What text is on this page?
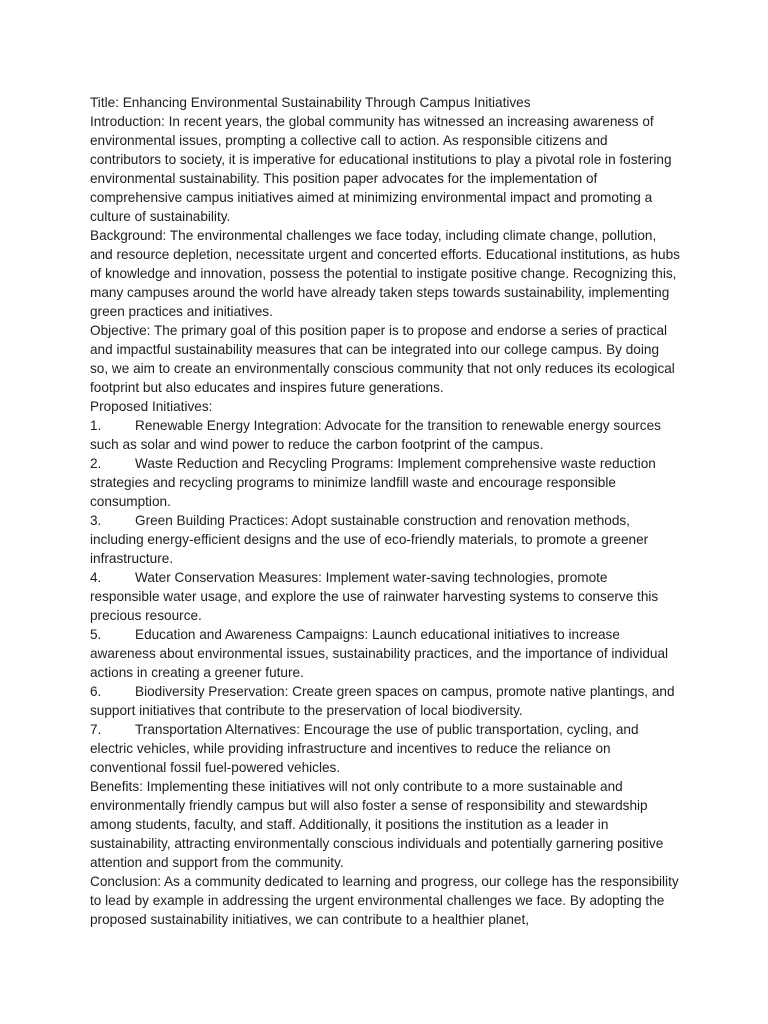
Title: Enhancing Environmental Sustainability Through Campus Initiatives

Introduction: In recent years, the global community has witnessed an increasing awareness of environmental issues, prompting a collective call to action. As responsible citizens and contributors to society, it is imperative for educational institutions to play a pivotal role in fostering environmental sustainability. This position paper advocates for the implementation of comprehensive campus initiatives aimed at minimizing environmental impact and promoting a culture of sustainability.

Background: The environmental challenges we face today, including climate change, pollution, and resource depletion, necessitate urgent and concerted efforts. Educational institutions, as hubs of knowledge and innovation, possess the potential to instigate positive change. Recognizing this, many campuses around the world have already taken steps towards sustainability, implementing green practices and initiatives.

Objective: The primary goal of this position paper is to propose and endorse a series of practical and impactful sustainability measures that can be integrated into our college campus. By doing so, we aim to create an environmentally conscious community that not only reduces its ecological footprint but also educates and inspires future generations.

Proposed Initiatives:

1. Renewable Energy Integration: Advocate for the transition to renewable energy sources such as solar and wind power to reduce the carbon footprint of the campus.

2. Waste Reduction and Recycling Programs: Implement comprehensive waste reduction strategies and recycling programs to minimize landfill waste and encourage responsible consumption.

3. Green Building Practices: Adopt sustainable construction and renovation methods, including energy-efficient designs and the use of eco-friendly materials, to promote a greener infrastructure.

4. Water Conservation Measures: Implement water-saving technologies, promote responsible water usage, and explore the use of rainwater harvesting systems to conserve this precious resource.

5. Education and Awareness Campaigns: Launch educational initiatives to increase awareness about environmental issues, sustainability practices, and the importance of individual actions in creating a greener future.

6. Biodiversity Preservation: Create green spaces on campus, promote native plantings, and support initiatives that contribute to the preservation of local biodiversity.

7. Transportation Alternatives: Encourage the use of public transportation, cycling, and electric vehicles, while providing infrastructure and incentives to reduce the reliance on conventional fossil fuel-powered vehicles.

Benefits: Implementing these initiatives will not only contribute to a more sustainable and environmentally friendly campus but will also foster a sense of responsibility and stewardship among students, faculty, and staff. Additionally, it positions the institution as a leader in sustainability, attracting environmentally conscious individuals and potentially garnering positive attention and support from the community.

Conclusion: As a community dedicated to learning and progress, our college has the responsibility to lead by example in addressing the urgent environmental challenges we face. By adopting the proposed sustainability initiatives, we can contribute to a healthier planet,
